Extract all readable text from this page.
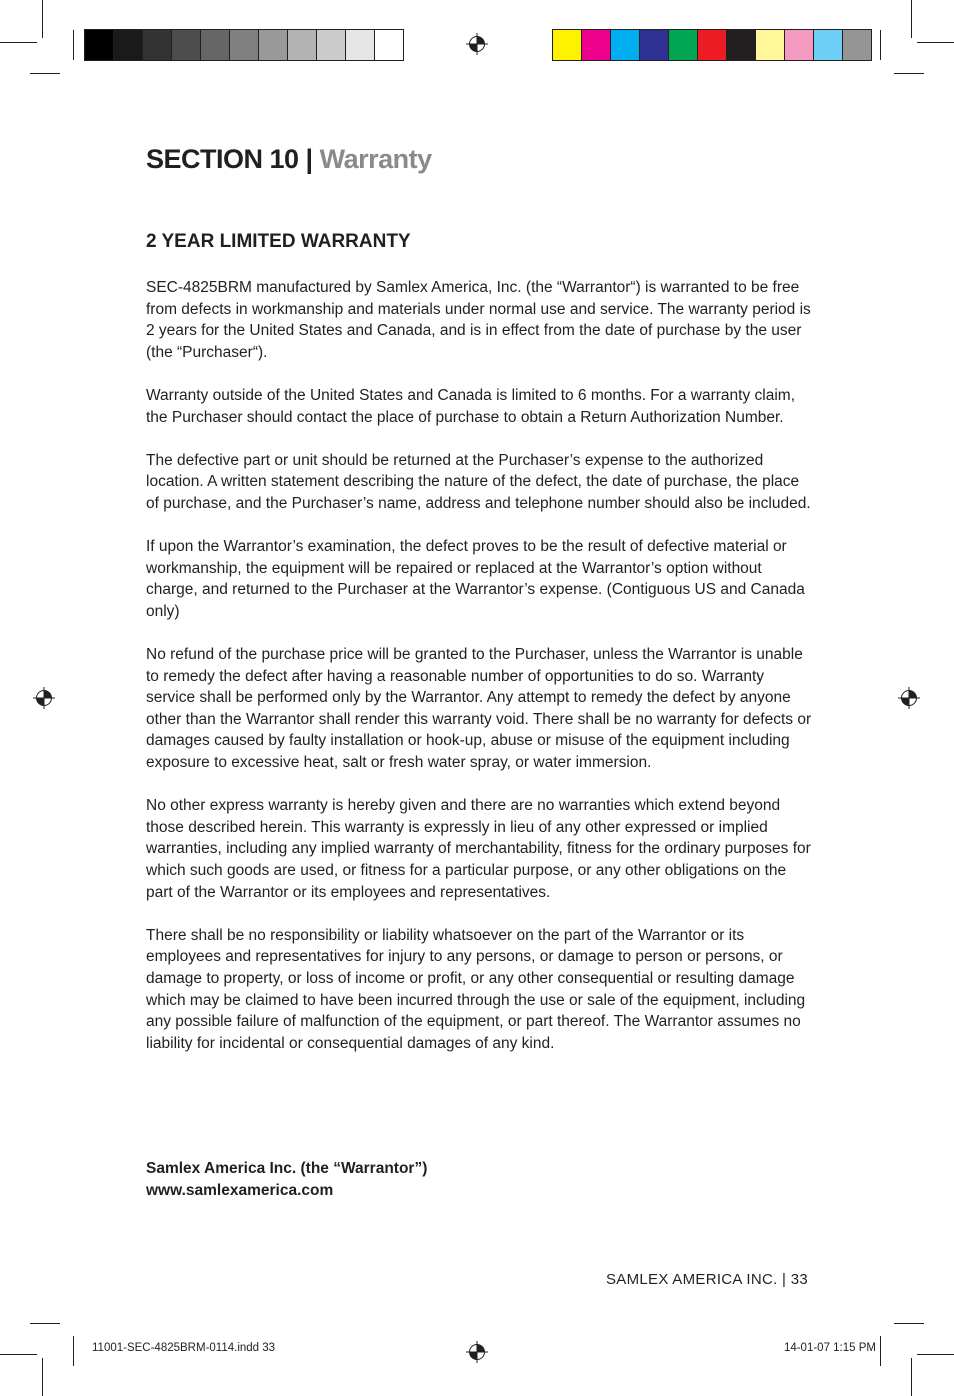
SECTION 10 | Warranty
2 YEAR LIMITED WARRANTY

SEC-4825BRM manufactured by Samlex America, Inc. (the “Warrantor“) is warranted to be free from defects in workmanship and materials under normal use and service. The warranty period is 2 years for the United States and Canada, and is in effect from the date of purchase by the user (the “Purchaser“).

Warranty outside of the United States and Canada is limited to 6 months. For a warranty claim, the Purchaser should contact the place of purchase to obtain a Return Authorization Number.

The defective part or unit should be returned at the Purchaser’s expense to the authorized location. A written statement describing the nature of the defect, the date of purchase, the place of purchase, and the Purchaser’s name, address and telephone number should also be included.

If upon the Warrantor’s examination, the defect proves to be the result of defective material or workmanship, the equipment will be repaired or replaced at the Warrantor’s option without charge, and returned to the Purchaser at the Warrantor’s expense. (Contiguous US and Canada only)

No refund of the purchase price will be granted to the Purchaser, unless the Warrantor is unable to remedy the defect after having a reasonable number of opportunities to do so. Warranty service shall be performed only by the Warrantor. Any attempt to remedy the defect by anyone other than the Warrantor shall render this warranty void. There shall be no warranty for defects or damages caused by faulty installation or hook-up, abuse or misuse of the equipment including exposure to excessive heat, salt or fresh water spray, or water immersion.

No other express warranty is hereby given and there are no warranties which extend beyond those described herein. This warranty is expressly in lieu of any other expressed or implied warranties, including any implied warranty of merchantability, fitness for the ordinary purposes for which such goods are used, or fitness for a particular purpose, or any other obligations on the part of the Warrantor or its employees and representatives.

There shall be no responsibility or liability whatsoever on the part of the Warrantor or its employees and representatives for injury to any persons, or damage to person or persons, or damage to property, or loss of income or profit, or any other consequential or resulting damage which may be claimed to have been incurred through the use or sale of the equipment, including any possible failure of malfunction of the equipment, or part thereof. The Warrantor assumes no liability for incidental or consequential damages of any kind.

Samlex America Inc. (the “Warrantor”)
www.samlexamerica.com
SAMLEX AMERICA INC. | 33
11001-SEC-4825BRM-0114.indd 33	14-01-07 1:15 PM
